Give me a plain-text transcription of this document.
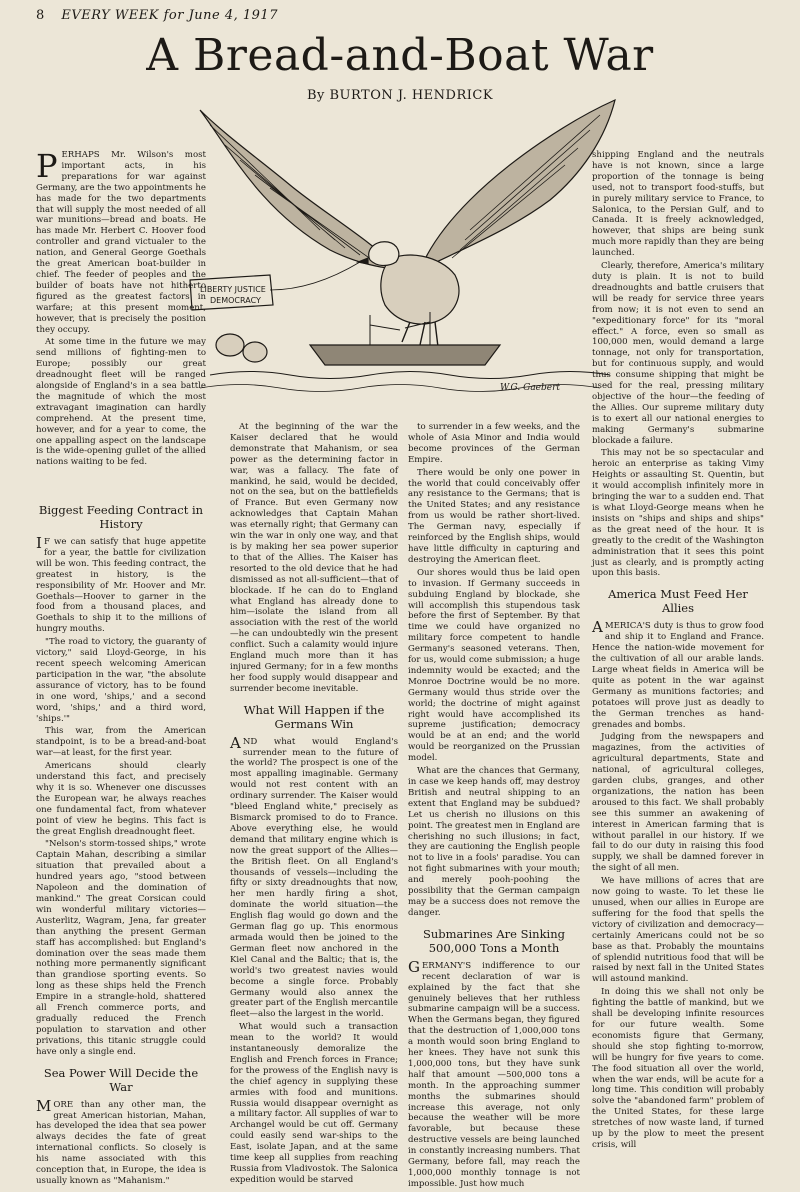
8 EVERY WEEK for June 4, 1917
A Bread-and-Boat War
By BURTON J. HENDRICK
LIBERTY JUSTICE
DEMOCRACY
W.G. Gaebert

PERHAPS Mr. Wilson's most important acts, in his preparations for war against Germany, are the two appointments he has made for the two departments that will supply the most needed of all war munitions—bread and boats. He has made Mr. Herbert C. Hoover food controller and grand victualer to the nation, and General George Goethals the great American boat-builder in chief. The feeder of peoples and the builder of boats have not hitherto figured as the greatest factors in warfare; at this present moment, however, that is precisely the position they occupy.

At some time in the future we may send millions of fighting-men to Europe; possibly our great dreadnought fleet will be ranged alongside of England's in a sea battle the magnitude of which the most extravagant imagination can hardly comprehend. At the present time, however, and for a year to come, the one appalling aspect on the landscape is the wide-opening gullet of the allied nations waiting to be fed.

Biggest Feeding Contract in History

I F we can satisfy that huge appetite for a year, the battle for civilization will be won. This feeding contract, the greatest in history, is the responsibility of Mr. Hoover and Mr. Goethals—Hoover to garner in the food from a thousand places, and Goethals to ship it to the millions of hungry mouths.

"The road to victory, the guaranty of victory," said Lloyd-George, in his recent speech welcoming American participation in the war, "the absolute assurance of victory, has to be found in one word, 'ships,' and a second word, 'ships,' and a third word, 'ships.'"

This war, from the American standpoint, is to be a bread-and-boat war—at least, for the first year.

Americans should clearly understand this fact, and precisely why it is so. Whenever one discusses the European war, he always reaches one fundamental fact, from whatever point of view he begins. This fact is the great English dreadnought fleet.

"Nelson's storm-tossed ships," wrote Captain Mahan, describing a similar situation that prevailed about a hundred years ago, "stood between Napoleon and the domination of mankind." The great Corsican could win wonderful military victories—Austerlitz, Wagram, Jena, far greater than anything the present German staff has accomplished: but England's domination over the seas made them nothing more permanently significant than grandiose sporting events. So long as these ships held the French Empire in a strangle-hold, shattered all French commerce ports, and gradually reduced the French population to starvation and other privations, this titanic struggle could have only a single end.

Sea Power Will Decide the War

MORE than any other man, the great American historian, Mahan, has developed the idea that sea power always decides the fate of great international conflicts. So closely is his name associated with this conception that, in Europe, the idea is usually known as "Mahanism."

At the beginning of the war the Kaiser declared that he would demonstrate that Mahanism, or sea power as the determining factor in war, was a fallacy. The fate of mankind, he said, would be decided, not on the sea, but on the battlefields of France. But even Germany now acknowledges that Captain Mahan was eternally right; that Germany can win the war in only one way, and that is by making her sea power superior to that of the Allies. The Kaiser has resorted to the old device that he had dismissed as not all-sufficient—that of blockade. If he can do to England what England has already done to him—isolate the island from all association with the rest of the world—he can undoubtedly win the present conflict. Such a calamity would injure England much more than it has injured Germany; for in a few months her food supply would disappear and surrender become inevitable.

What Will Happen if the Germans Win

AND what would England's surrender mean to the future of the world? The prospect is one of the most appalling imaginable. Germany would not rest content with an ordinary surrender. The Kaiser would "bleed England white," precisely as Bismarck promised to do to France. Above everything else, he would demand that military engine which is now the great support of the Allies—the British fleet. On all England's thousands of vessels—including the fifty or sixty dreadnoughts that now, her men hardly firing a shot, dominate the world situation—the English flag would go down and the German flag go up. This enormous armada would then be joined to the German fleet now anchored in the Kiel Canal and the Baltic; that is, the world's two greatest navies would become a single force. Probably Germany would also annex the greater part of the English mercantile fleet—also the largest in the world.

What would such a transaction mean to the world? It would instantaneously demoralize the English and French forces in France; for the prowess of the English navy is the chief agency in supplying these armies with food and munitions. Russia would disappear overnight as a military factor. All supplies of war to Archangel would be cut off. Germany could easily send war-ships to the East, isolate Japan, and at the same time keep all supplies from reaching Russia from Vladivostok. The Salonica expedition would be starved

to surrender in a few weeks, and the whole of Asia Minor and India would become provinces of the German Empire.

There would be only one power in the world that could conceivably offer any resistance to the Germans; that is the United States; and any resistance from us would be rather short-lived. The German navy, especially if reinforced by the English ships, would have little difficulty in capturing and destroying the American fleet.

Our shores would thus be laid open to invasion. If Germany succeeds in subduing England by blockade, she will accomplish this stupendous task before the first of September. By that time we could have organized no military force competent to handle Germany's seasoned veterans. Then, for us, would come submission; a huge indemnity would be exacted; and the Monroe Doctrine would be no more. Germany would thus stride over the world; the doctrine of might against right would have accomplished its supreme justification; democracy would be at an end; and the world would be reorganized on the Prussian model.

What are the chances that Germany, in case we keep hands off, may destroy British and neutral shipping to an extent that England may be subdued? Let us cherish no illusions on this point. The greatest men in England are cherishing no such illusions; in fact, they are cautioning the English people not to live in a fools' paradise. You can not fight submarines with your mouth; and merely pooh-poohing the possibility that the German campaign may be a success does not remove the danger.

Submarines Are Sinking 500,000 Tons a Month

GERMANY'S indifference to our recent declaration of war is explained by the fact that she genuinely believes that her ruthless submarine campaign will be a success. When the Germans began, they figured that the destruction of 1,000,000 tons a month would soon bring England to her knees. They have not sunk this 1,000,000 tons, but they have sunk half that amount —500,000 tons a month. In the approaching summer months the submarines should increase this average, not only because the weather will be more favorable, but because these destructive vessels are being launched in constantly increasing numbers. That Germany, before fall, may reach the 1,000,000 monthly tonnage is not impossible. Just how much

shipping England and the neutrals have is not known, since a large proportion of the tonnage is being used, not to transport food-stuffs, but in purely military service to France, to Salonica, to the Persian Gulf, and to Canada. It is freely acknowledged, however, that ships are being sunk much more rapidly than they are being launched.

Clearly, therefore, America's military duty is plain. It is not to build dreadnoughts and battle cruisers that will be ready for service three years from now; it is not even to send an "expeditionary force" for its "moral effect." A force, even so small as 100,000 men, would demand a large tonnage, not only for transportation, but for continuous supply, and would thus consume shipping that might be used for the real, pressing military objective of the hour—the feeding of the Allies. Our supreme military duty is to exert all our national energies to making Germany's submarine blockade a failure.

This may not be so spectacular and heroic an enterprise as taking Vimy Heights or assaulting St. Quentin, but it would accomplish infinitely more in bringing the war to a sudden end. That is what Lloyd-George means when he insists on "ships and ships and ships" as the great need of the hour. It is greatly to the credit of the Washington administration that it sees this point just as clearly, and is promptly acting upon this basis.

America Must Feed Her Allies

AMERICA'S duty is thus to grow food and ship it to England and France. Hence the nation-wide movement for the cultivation of all our arable lands. Large wheat fields in America will be quite as potent in the war against Germany as munitions factories; and potatoes will prove just as deadly to the German trenches as hand-grenades and bombs.

Judging from the newspapers and magazines, from the activities of agricultural departments, State and national, of agricultural colleges, garden clubs, granges, and other organizations, the nation has been aroused to this fact. We shall probably see this summer an awakening of interest in American farming that is without parallel in our history. If we fail to do our duty in raising this food supply, we shall be damned forever in the sight of all men.

We have millions of acres that are now going to waste. To let these lie unused, when our allies in Europe are suffering for the food that spells the victory of civilization and democracy—certainly Americans could not be so base as that. Probably the mountains of splendid nutritious food that will be raised by next fall in the United States will astound mankind.

In doing this we shall not only be fighting the battle of mankind, but we shall be developing infinite resources for our future wealth. Some economists figure that Germany, should she stop fighting to-morrow, will be hungry for five years to come. The food situation all over the world, when the war ends, will be acute for a long time. This condition will probably solve the "abandoned farm" problem of the United States, for these large stretches of now waste land, if turned up by the plow to meet the present crisis, will
